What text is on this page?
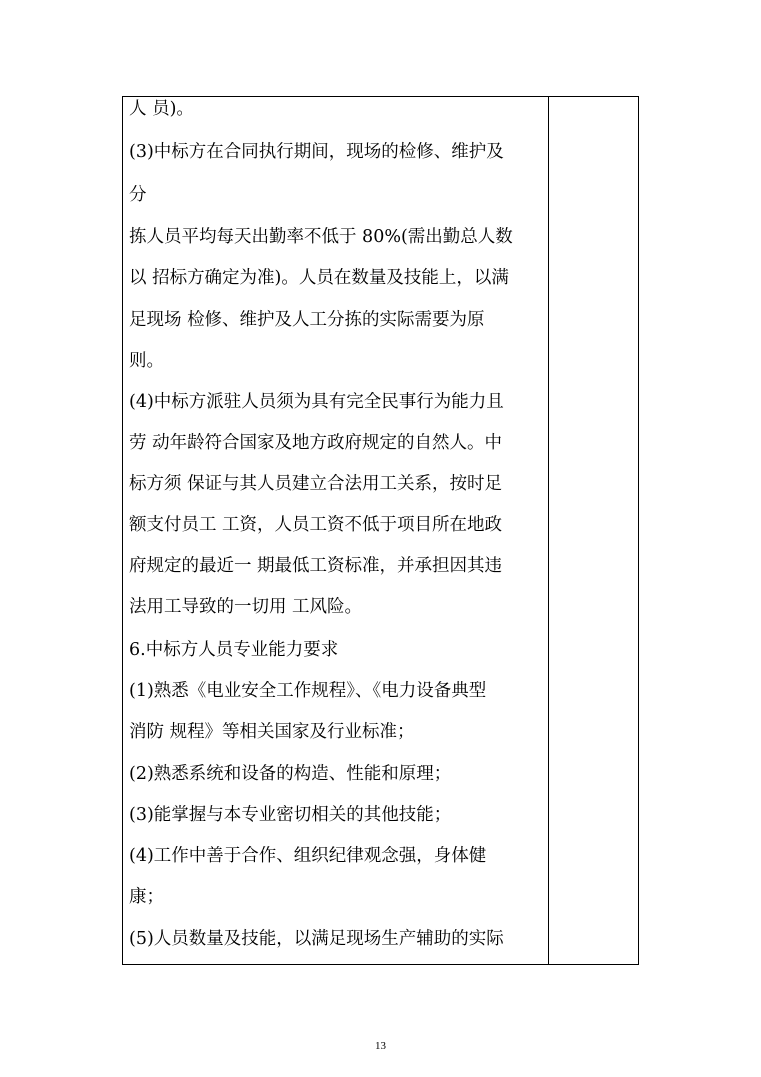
人 员)。
(3)中标方在合同执行期间，现场的检修、维护及
分
拣人员平均每天出勤率不低于 80%(需出勤总人数
以 招标方确定为准)。人员在数量及技能上，以满
足现场 检修、维护及人工分拣的实际需要为原
则。
(4)中标方派驻人员须为具有完全民事行为能力且
劳 动年龄符合国家及地方政府规定的自然人。中
标方须 保证与其人员建立合法用工关系，按时足
额支付员工 工资，人员工资不低于项目所在地政
府规定的最近一 期最低工资标准，并承担因其违
法用工导致的一切用 工风险。
6.中标方人员专业能力要求
(1)熟悉《电业安全工作规程》、《电力设备典型
消防 规程》等相关国家及行业标准；
(2)熟悉系统和设备的构造、性能和原理；
(3)能掌握与本专业密切相关的其他技能；
(4)工作中善于合作、组织纪律观念强，身体健
康；
(5)人员数量及技能，以满足现场生产辅助的实际
13
